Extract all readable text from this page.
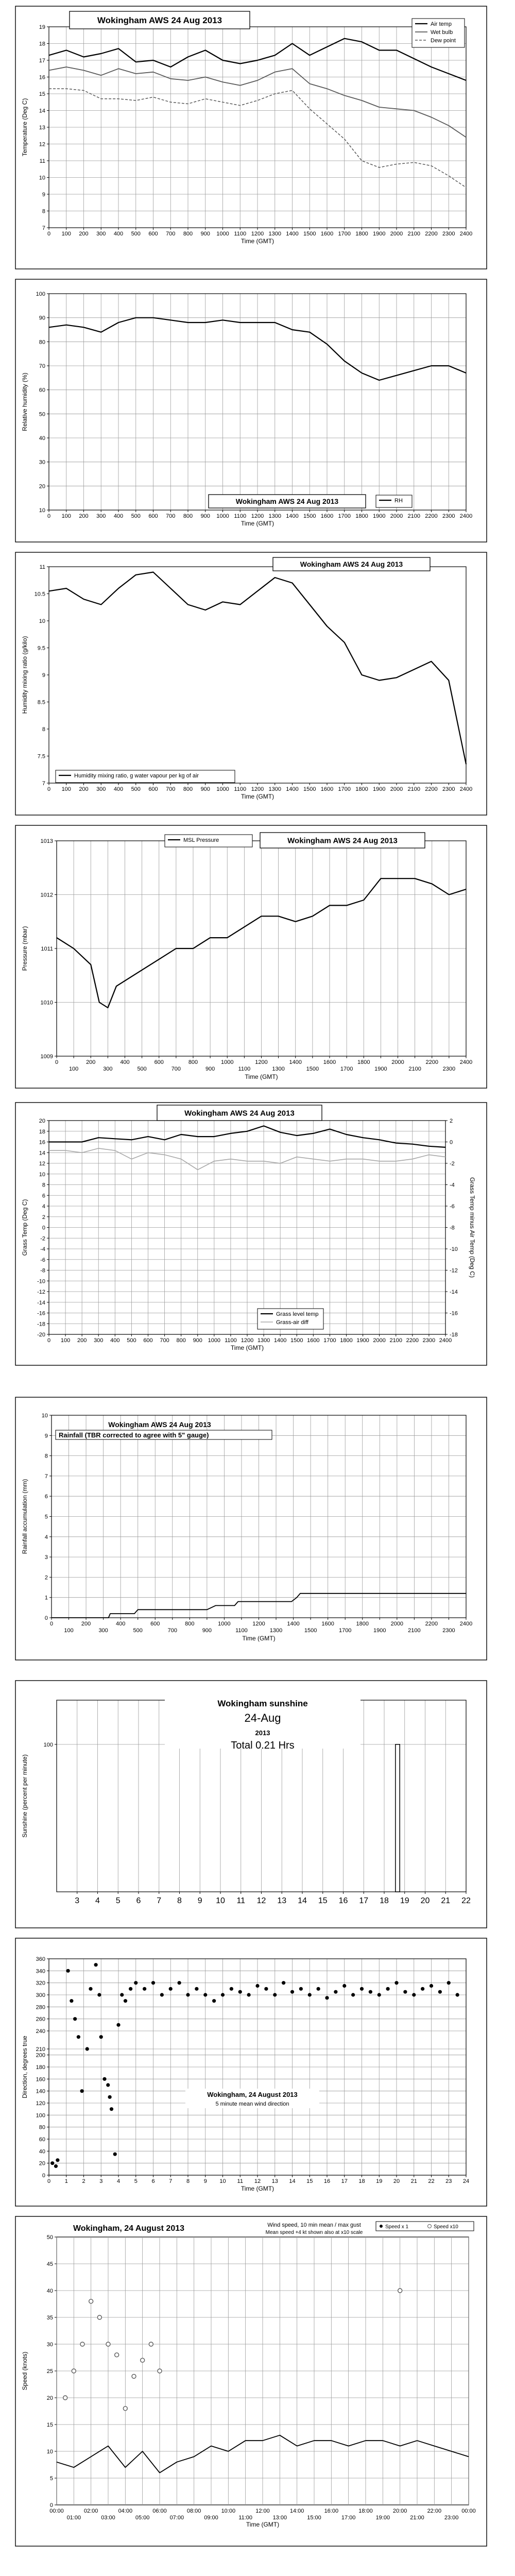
7
8
9
10
11
12
13
14
15
16
17
18
19
0 100 200 300 400 500 600 700 800 900 1000 1100 1200 1300 1400 1500 1600 1700 1800 1900 2000 2100 2200 2300 2400
Time (GMT)
Temperature (Deg C)
Wokingham AWS 24 Aug 2013	Air temp
Wet bulb
Dew point
10
20
30
40
50
60
70
80
90
100
0 100 200 300 400 500 600 700 800 900 1000 1100 1200 1300 1400 1500 1600 1700 1800 1900 2000 2100 2200 2300 2400
Time (GMT)
Relative humidity (%)
Wokingham AWS 24 Aug 2013	RH
7
7.5
8
8.5
9
9.5
10
10.5
11
0 100 200 300 400 500 600 700 800 900 1000 1100 1200 1300 1400 1500 1600 1700 1800 1900 2000 2100 2200 2300 2400
Time (GMT)
Humidity mixing ratio (g/kilo)
Wokingham AWS 24 Aug 2013
Humidity mixing ratio, g water vapour per kg of air
1009
1010
1011
1012
1013
0	200	400	600	800	1000	1200	1400	1600	1800	2000	2200	2400
100	300	500	700	900	1100	1300	1500	1700	1900	2100	2300
Time (GMT)
Pressure (mbar)
MSL Pressure	Wokingham AWS 24 Aug 2013
-20
-18
-16
-14
-12
-10
-8
-6
-4
-2
0
2
4
6
8
10
12
14
16
18
20
0 100 200 300 400 500 600 700 800 900 1000 1100 1200 1300 1400 1500 1600 1700 1800 1900 2000 2100 2200 2300 2400
Time (GMT)
Grass Temp (Deg C)
2
0
-2
-4
-6
-8
-10
-12
-14
-16
-18
Grass Temp minus Air Temp (Deg C)
Wokingham AWS 24 Aug 2013
Grass level temp
Grass-air diff
0
1
2
3
4
5
6
7
8
9
10
0	200	400	600	800	1000	1200	1400	1600	1800	2000	2200	2400
100	300	500	700	900	1100	1300	1500	1700	1900	2100	2300
Time (GMT)
Rainfall accumulation (mm)
Wokingham AWS 24 Aug 2013
Rainfall (TBR corrected to agree with 5" gauge)
100
3 4 5 6 7 8 9 10 11 12 13 14 15 16 17 18 19 20 21 22
Sunshine (percent per minute)
Wokingham sunshine
24-Aug
2013
Total 0.21 Hrs
0
20
40
60
80
100
120
140
160
180
200
210
240
260
280
300
320
340
360
0	1	2	3	4	5	6	7	8	9 10 11 12 13 14 15 16 17 18 19 20 21 22 23 24
Time (GMT)
Direction, degrees true	Wokingham, 24 August 2013
5 minute mean wind direction
0
5
10
15
20
25
30
35
40
45
50
00:00	02:00	04:00	06:00	08:00	10:00	12:00	14:00	16:00	18:00	20:00	22:00	00:00
01:00	03:00	05:00	07:00	09:00	11:00	13:00	15:00	17:00	19:00	21:00	23:00
Time (GMT)
Speed (knots)
Wokingham, 24 August 2013	Wind speed, 10 min mean / max gust
Mean speed +4 kt shown also at x10 scale
Speed x 1	Speed x10
